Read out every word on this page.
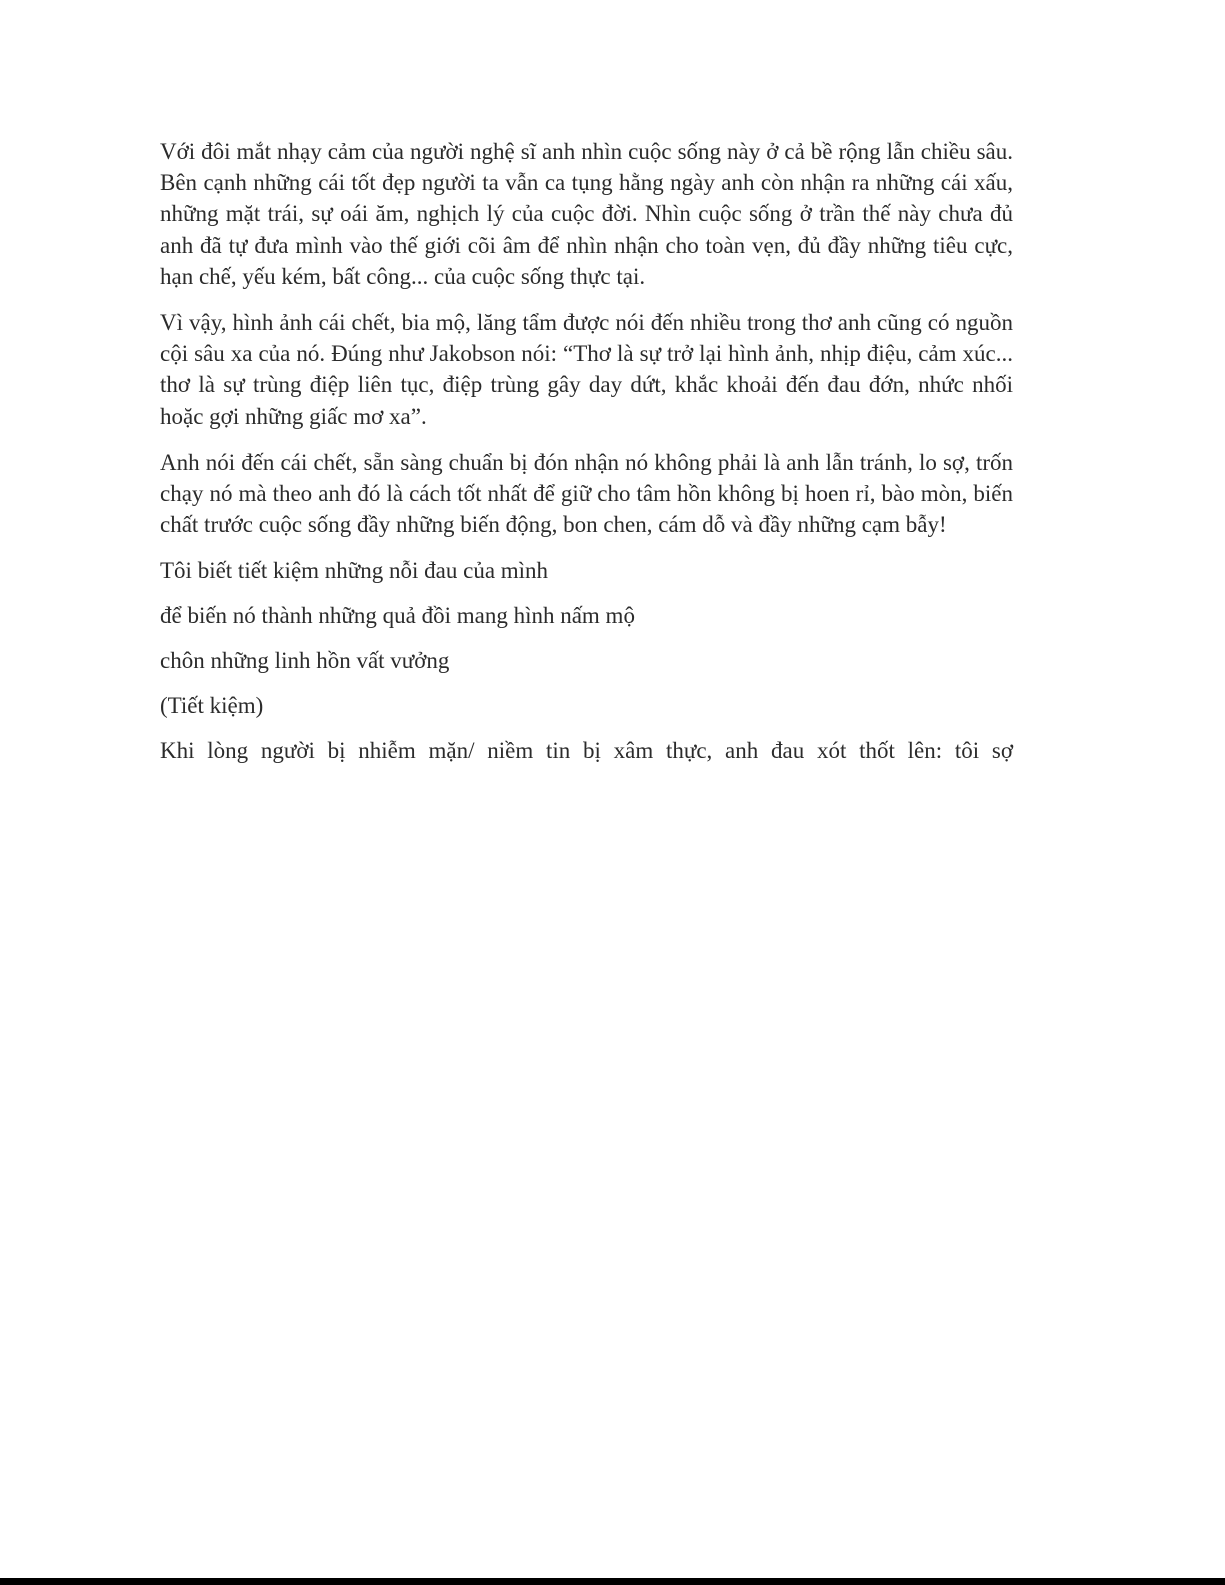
Với đôi mắt nhạy cảm của người nghệ sĩ anh nhìn cuộc sống này ở cả bề rộng lẫn chiều sâu. Bên cạnh những cái tốt đẹp người ta vẫn ca tụng hằng ngày anh còn nhận ra những cái xấu, những mặt trái, sự oái ăm, nghịch lý của cuộc đời. Nhìn cuộc sống ở trần thế này chưa đủ anh đã tự đưa mình vào thế giới cõi âm để nhìn nhận cho toàn vẹn, đủ đầy những tiêu cực, hạn chế, yếu kém, bất công... của cuộc sống thực tại.

Vì vậy, hình ảnh cái chết, bia mộ, lăng tẩm được nói đến nhiều trong thơ anh cũng có nguồn cội sâu xa của nó. Đúng như Jakobson nói: “Thơ là sự trở lại hình ảnh, nhịp điệu, cảm xúc... thơ là sự trùng điệp liên tục, điệp trùng gây day dứt, khắc khoải đến đau đớn, nhức nhối hoặc gợi những giấc mơ xa”.

Anh nói đến cái chết, sẵn sàng chuẩn bị đón nhận nó không phải là anh lẫn tránh, lo sợ, trốn chạy nó mà theo anh đó là cách tốt nhất để giữ cho tâm hồn không bị hoen rỉ, bào mòn, biến chất trước cuộc sống đầy những biến động, bon chen, cám dỗ và đầy những cạm bẫy!

Tôi biết tiết kiệm những nỗi đau của mình

để biến nó thành những quả đồi mang hình nấm mộ

chôn những linh hồn vất vưởng

(Tiết kiệm)

Khi lòng người bị nhiễm mặn/ niềm tin bị xâm thực, anh đau xót thốt lên: tôi sợ
